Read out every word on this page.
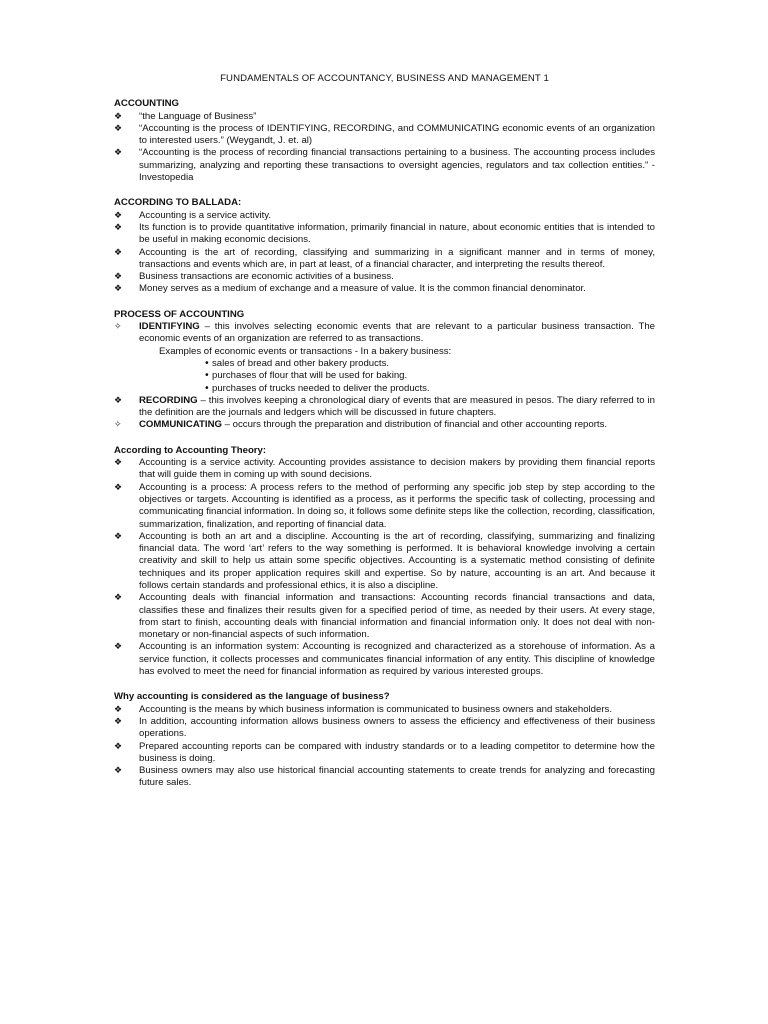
FUNDAMENTALS OF ACCOUNTANCY, BUSINESS AND MANAGEMENT 1
ACCOUNTING
❖	“the Language of Business”
❖	“Accounting is the process of IDENTIFYING, RECORDING, and COMMUNICATING economic events of an organization to interested users.” (Weygandt, J. et. al)
❖	“Accounting is the process of recording financial transactions pertaining to a business. The accounting process includes summarizing, analyzing and reporting these transactions to oversight agencies, regulators and tax collection entities.” -Investopedia
ACCORDING TO BALLADA:
❖	Accounting is a service activity.
❖	Its function is to provide quantitative information, primarily financial in nature, about economic entities that is intended to be useful in making economic decisions.
❖	Accounting is the art of recording, classifying and summarizing in a significant manner and in terms of money, transactions and events which are, in part at least, of a financial character, and interpreting the results thereof.
❖	Business transactions are economic activities of a business.
❖	Money serves as a medium of exchange and a measure of value. It is the common financial denominator.
PROCESS OF ACCOUNTING
✧	IDENTIFYING – this involves selecting economic events that are relevant to a particular business transaction. The economic events of an organization are referred to as transactions.
Examples of economic events or transactions - In a bakery business:
• sales of bread and other bakery products.
• purchases of flour that will be used for baking.
• purchases of trucks needed to deliver the products.
❖	RECORDING – this involves keeping a chronological diary of events that are measured in pesos. The diary referred to in the definition are the journals and ledgers which will be discussed in future chapters.
✧	COMMUNICATING – occurs through the preparation and distribution of financial and other accounting reports.
According to Accounting Theory:
❖	Accounting is a service activity. Accounting provides assistance to decision makers by providing them financial reports that will guide them in coming up with sound decisions.
❖	Accounting is a process: A process refers to the method of performing any specific job step by step according to the objectives or targets. Accounting is identified as a process, as it performs the specific task of collecting, processing and communicating financial information. In doing so, it follows some definite steps like the collection, recording, classification, summarization, finalization, and reporting of financial data.
❖	Accounting is both an art and a discipline. Accounting is the art of recording, classifying, summarizing and finalizing financial data. The word ‘art’ refers to the way something is performed. It is behavioral knowledge involving a certain creativity and skill to help us attain some specific objectives. Accounting is a systematic method consisting of definite techniques and its proper application requires skill and expertise. So by nature, accounting is an art. And because it follows certain standards and professional ethics, it is also a discipline.
❖	Accounting deals with financial information and transactions: Accounting records financial transactions and data, classifies these and finalizes their results given for a specified period of time, as needed by their users. At every stage, from start to finish, accounting deals with financial information and financial information only. It does not deal with non-monetary or non-financial aspects of such information.
❖	Accounting is an information system: Accounting is recognized and characterized as a storehouse of information. As a service function, it collects processes and communicates financial information of any entity. This discipline of knowledge has evolved to meet the need for financial information as required by various interested groups.
Why accounting is considered as the language of business?
❖	Accounting is the means by which business information is communicated to business owners and stakeholders.
❖	In addition, accounting information allows business owners to assess the efficiency and effectiveness of their business operations.
❖	Prepared accounting reports can be compared with industry standards or to a leading competitor to determine how the business is doing.
❖	Business owners may also use historical financial accounting statements to create trends for analyzing and forecasting future sales.
